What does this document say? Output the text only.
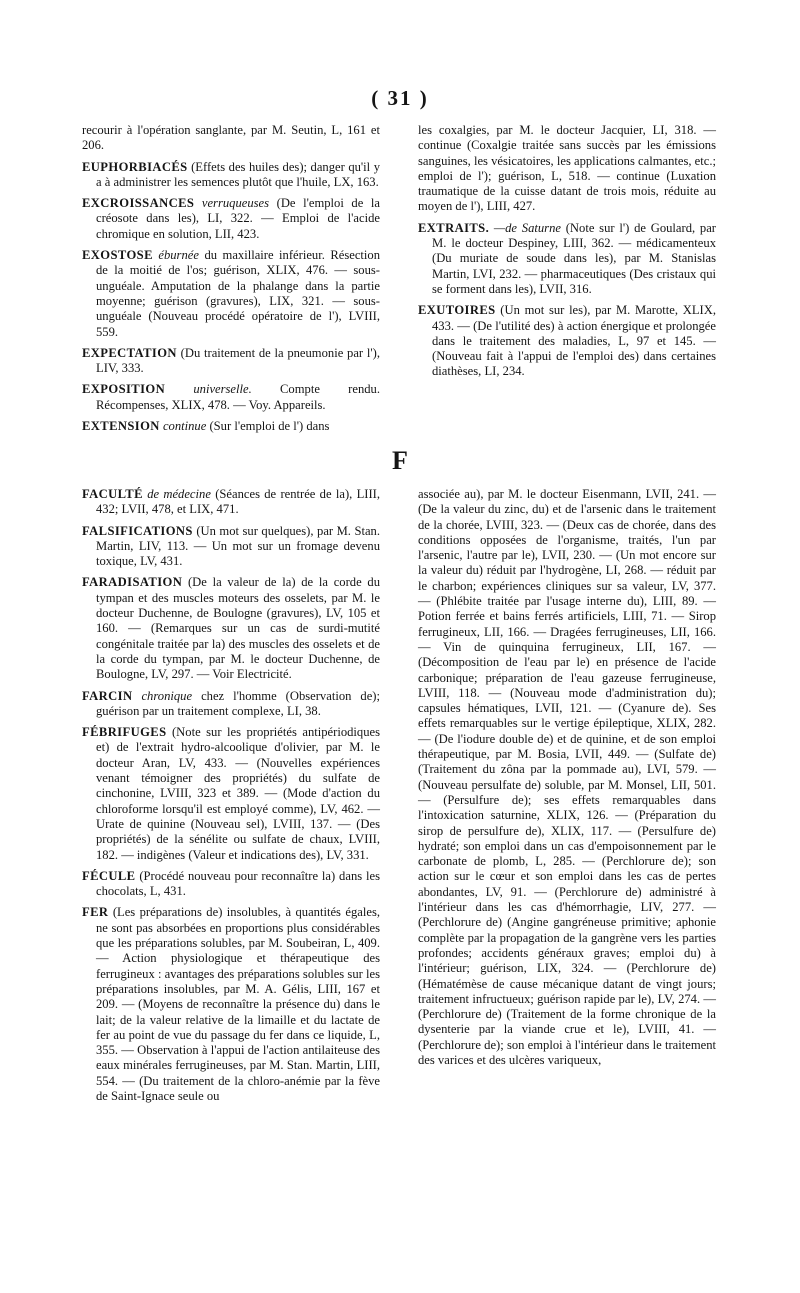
( 31 )

recourir à l'opération sanglante, par M. Seutin, L, 161 et 206.

EUPHORBIACÉS (Effets des huiles des); danger qu'il y a à administrer les semences plutôt que l'huile, LX, 163.

EXCROISSANCES verruqueuses (De l'emploi de la créosote dans les), LI, 322. — Emploi de l'acide chromique en solution, LII, 423.

EXOSTOSE éburnée du maxillaire inférieur. Résection de la moitié de l'os; guérison, XLIX, 476. — sous-unguéale. Amputation de la phalange dans la partie moyenne; guérison (gravures), LIX, 321. — sous-unguéale (Nouveau procédé opératoire de l'), LVIII, 559.

EXPECTATION (Du traitement de la pneumonie par l'), LIV, 333.

EXPOSITION universelle. Compte rendu. Récompenses, XLIX, 478. — Voy. Appareils.

EXTENSION continue (Sur l'emploi de l') dans

les coxalgies, par M. le docteur Jacquier, LI, 318. — continue (Coxalgie traitée sans succès par les émissions sanguines, les vésicatoires, les applications calmantes, etc.; emploi de l'); guérison, L, 518. — continue (Luxation traumatique de la cuisse datant de trois mois, réduite au moyen de l'), LIII, 427.

EXTRAITS. —de Saturne (Note sur l') de Goulard, par M. le docteur Despiney, LIII, 362. — médicamenteux (Du muriate de soude dans les), par M. Stanislas Martin, LVI, 232. — pharmaceutiques (Des cristaux qui se forment dans les), LVII, 316.

EXUTOIRES (Un mot sur les), par M. Marotte, XLIX, 433. — (De l'utilité des) à action énergique et prolongée dans le traitement des maladies, L, 97 et 145. — (Nouveau fait à l'appui de l'emploi des) dans certaines diathèses, LI, 234.

F

FACULTÉ de médecine (Séances de rentrée de la), LIII, 432; LVII, 478, et LIX, 471.

FALSIFICATIONS (Un mot sur quelques), par M. Stan. Martin, LIV, 113. — Un mot sur un fromage devenu toxique, LV, 431.

FARADISATION (De la valeur de la) de la corde du tympan et des muscles moteurs des osselets, par M. le docteur Duchenne, de Boulogne (gravures), LV, 105 et 160. — (Remarques sur un cas de surdi-mutité congénitale traitée par la) des muscles des osselets et de la corde du tympan, par M. le docteur Duchenne, de Boulogne, LV, 297. — Voir Electricité.

FARCIN chronique chez l'homme (Observation de); guérison par un traitement complexe, LI, 38.

FÉBRIFUGES (Note sur les propriétés antipériodiques et) de l'extrait hydro-alcoolique d'olivier, par M. le docteur Aran, LV, 433. — (Nouvelles expériences venant témoigner des propriétés) du sulfate de cinchonine, LVIII, 323 et 389. — (Mode d'action du chloroforme lorsqu'il est employé comme), LV, 462. — Urate de quinine (Nouveau sel), LVIII, 137. — (Des propriétés) de la sénélite ou sulfate de chaux, LVIII, 182. — indigènes (Valeur et indications des), LV, 331.

FÉCULE (Procédé nouveau pour reconnaître la) dans les chocolats, L, 431.

FER (Les préparations de) insolubles, à quantités égales, ne sont pas absorbées en proportions plus considérables que les préparations solubles, par M. Soubeiran, L, 409. — Action physiologique et thérapeutique des ferrugineux : avantages des préparations solubles sur les préparations insolubles, par M. A. Gélis, LIII, 167 et 209. — (Moyens de reconnaître la présence du) dans le lait; de la valeur relative de la limaille et du lactate de fer au point de vue du passage du fer dans ce liquide, L, 355. — Observation à l'appui de l'action antilaiteuse des eaux minérales ferrugineuses, par M. Stan. Martin, LIII, 554. — (Du traitement de la chloro-anémie par la fève de Saint-Ignace seule ou

associée au), par M. le docteur Eisenmann, LVII, 241. — (De la valeur du zinc, du) et de l'arsenic dans le traitement de la chorée, LVIII, 323. — (Deux cas de chorée, dans des conditions opposées de l'organisme, traités, l'un par l'arsenic, l'autre par le), LVII, 230. — (Un mot encore sur la valeur du) réduit par l'hydrogène, LI, 268. — réduit par le charbon; expériences cliniques sur sa valeur, LV, 377. — (Phlébite traitée par l'usage interne du), LIII, 89. — Potion ferrée et bains ferrés artificiels, LIII, 71. — Sirop ferrugineux, LII, 166. — Dragées ferrugineuses, LII, 166. — Vin de quinquina ferrugineux, LII, 167. — (Décomposition de l'eau par le) en présence de l'acide carbonique; préparation de l'eau gazeuse ferrugineuse, LVIII, 118. — (Nouveau mode d'administration du); capsules hématiques, LVII, 121. — (Cyanure de). Ses effets remarquables sur le vertige épileptique, XLIX, 282. — (De l'iodure double de) et de quinine, et de son emploi thérapeutique, par M. Bosia, LVII, 449. — (Sulfate de) (Traitement du zôna par la pommade au), LVI, 579. — (Nouveau persulfate de) soluble, par M. Monsel, LII, 501. — (Persulfure de); ses effets remarquables dans l'intoxication saturnine, XLIX, 126. — (Préparation du sirop de persulfure de), XLIX, 117. — (Persulfure de) hydraté; son emploi dans un cas d'empoisonnement par le carbonate de plomb, L, 285. — (Perchlorure de); son action sur le cœur et son emploi dans les cas de pertes abondantes, LV, 91. — (Perchlorure de) administré à l'intérieur dans les cas d'hémorrhagie, LIV, 277. — (Perchlorure de) (Angine gangréneuse primitive; aphonie complète par la propagation de la gangrène vers les parties profondes; accidents généraux graves; emploi du) à l'intérieur; guérison, LIX, 324. — (Perchlorure de) (Hématémèse de cause mécanique datant de vingt jours; traitement infructueux; guérison rapide par le), LV, 274. — (Perchlorure de) (Traitement de la forme chronique de la dysenterie par la viande crue et le), LVIII, 41. — (Perchlorure de); son emploi à l'intérieur dans le traitement des varices et des ulcères variqueux,
